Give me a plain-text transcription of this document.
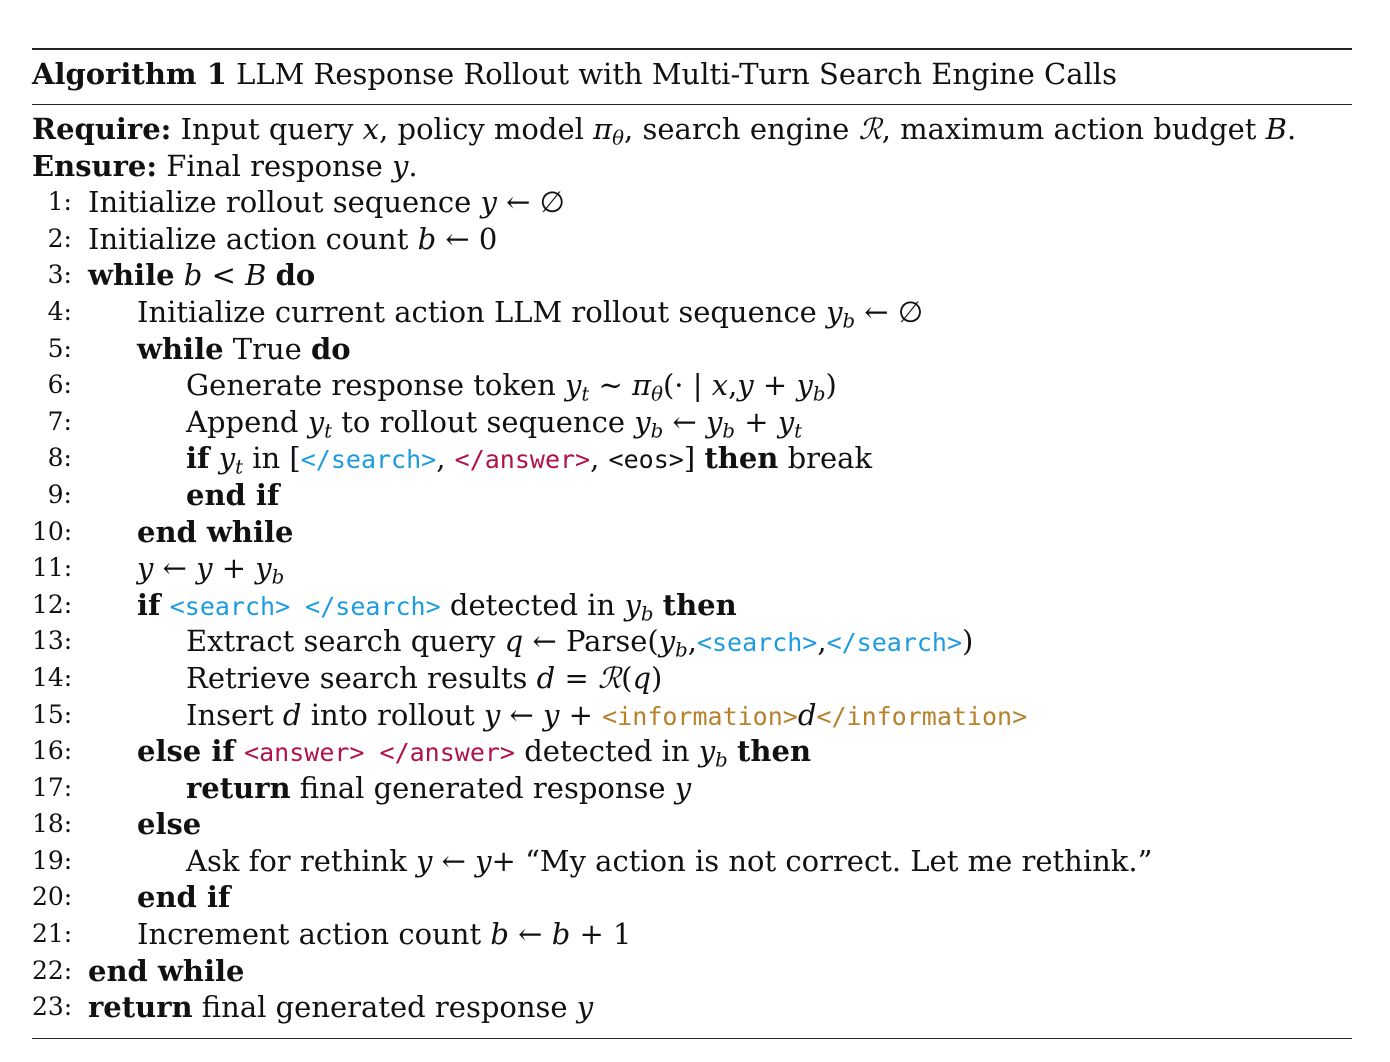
Algorithm 1 LLM Response Rollout with Multi-Turn Search Engine Calls
Require: Input query x, policy model $\pi_\theta$, search engine ℛ, maximum action budget B.
Ensure: Final response y.
1: Initialize rollout sequence y ← ∅
2: Initialize action count b ← 0
3: while b < B do
4:	Initialize current action LLM rollout sequence $y_b$ ← ∅
5:	while True do
6:	Generate response token $y_t$ ∼ $\pi_\theta(\cdot$ | $x,y + y_b$)
7:	Append $y_t$ to rollout sequence $y_b$ ← $y_b + y_t$
8:	if $y_t$ in [</search>, </answer>, <eos>] then break
9:	end if
10:	end while
11:	y ← $y + y_b$
12:	if <search> </search> detected in $y_b$ then
13:	Extract search query q ← $Parse(y_b,<search>,</search>)$
14:	Retrieve search results d = ℛ(q)
15:	Insert d into rollout y ← y + <information>d</information>
16:	else if <answer> </answer> detected in $y_b$ then
17:	return final generated response y
18:	else
19:	Ask for rethink y ← y+ “My action is not correct. Let me rethink.”
20:	end if
21:	Increment action count b ← b + 1
22: end while
23: return final generated response y
